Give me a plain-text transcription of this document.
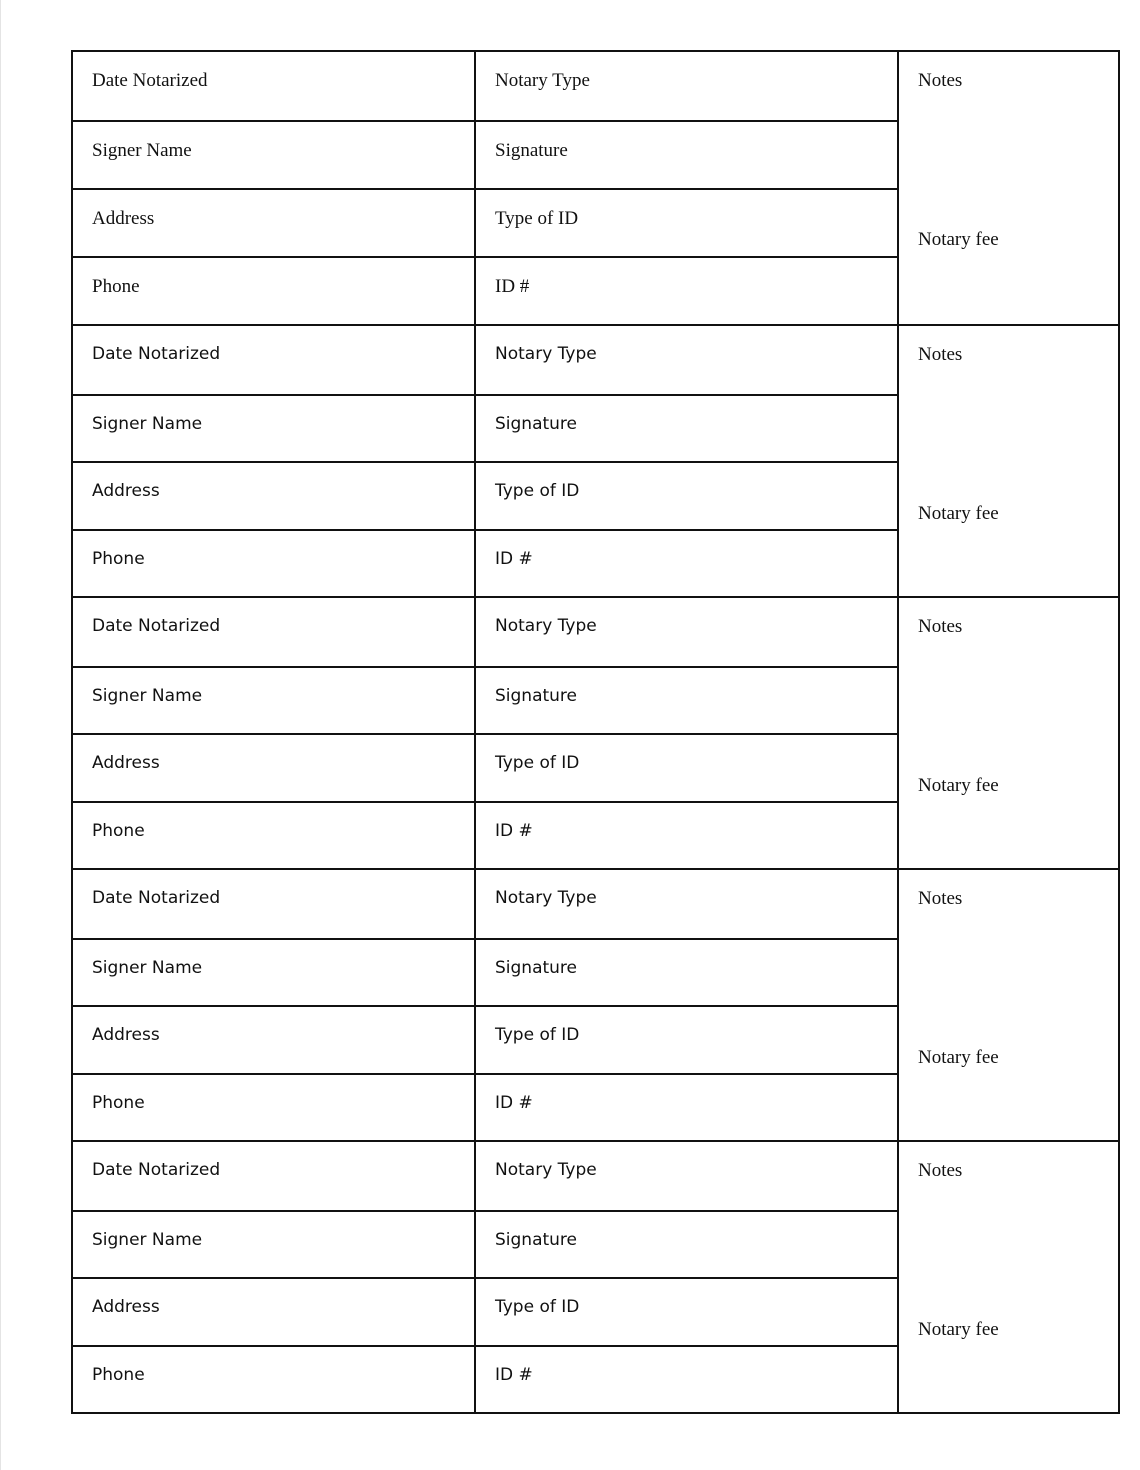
Date Notarized	Notary Type
Signer Name	Signature
Address	Type of ID
Phone	ID #
Notes
Notary fee
Date Notarized	Notary Type
Signer Name	Signature
Address	Type of ID
Phone	ID #
Notes
Notary fee
Date Notarized	Notary Type
Signer Name	Signature
Address	Type of ID
Phone	ID #
Notes
Notary fee
Date Notarized	Notary Type
Signer Name	Signature
Address	Type of ID
Phone	ID #
Notes
Notary fee
Date Notarized	Notary Type
Signer Name	Signature
Address	Type of ID
Phone	ID #
Notes
Notary fee
